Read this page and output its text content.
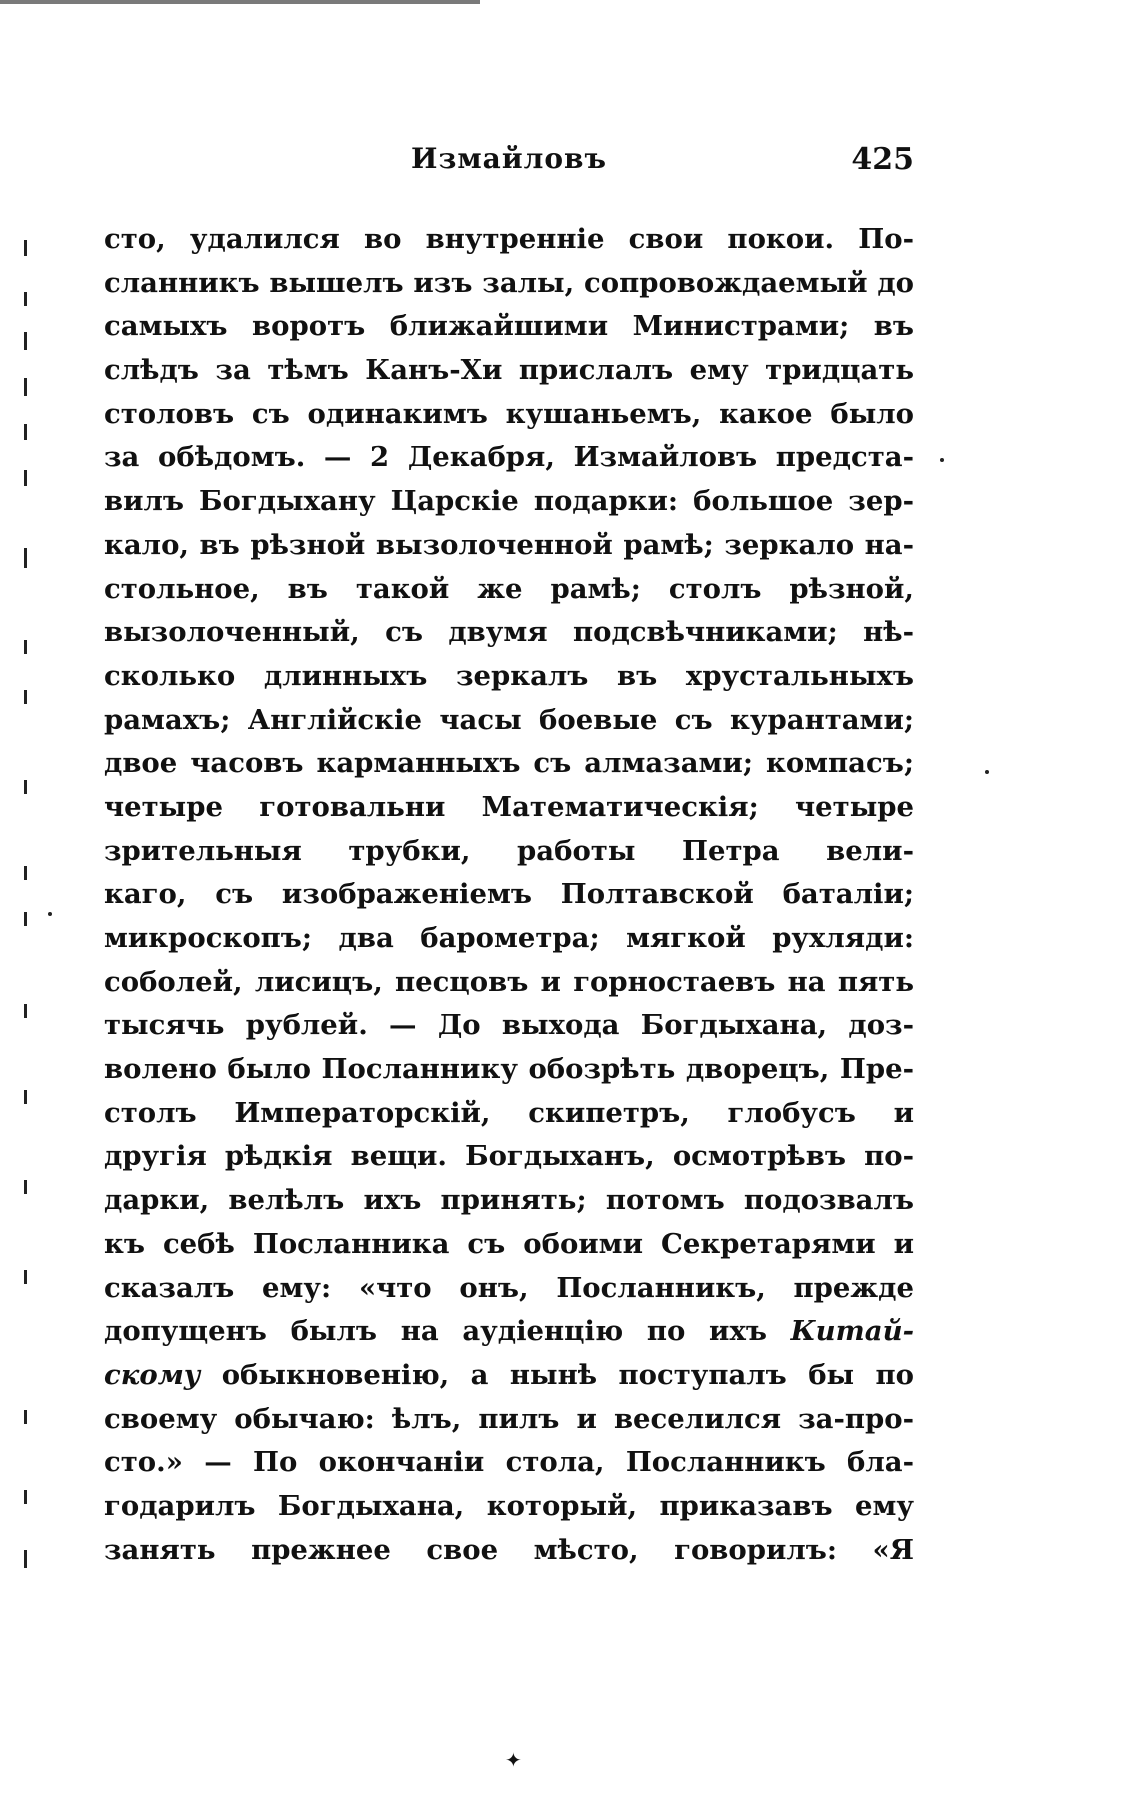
Измайловъ	425
сто, удалился во внутреннiе свои покои. По-
сланникъ вышелъ изъ залы, сопровождаемый до
самыхъ воротъ ближайшими Министрами; въ
слѣдъ за тѣмъ Канъ-Хи прислалъ ему тридцать
столовъ съ одинакимъ кушаньемъ, какое было
за обѣдомъ. — 2 Декабря, Измайловъ предста-
вилъ Богдыхану Царскiе подарки: большое зер-
кало, въ рѣзной вызолоченной рамѣ; зеркало на-
стольное, въ такой же рамѣ; столъ рѣзной,
вызолоченный, съ двумя подсвѣчниками; нѣ-
сколько длинныхъ зеркалъ въ хрустальныхъ
рамахъ; Англiйскiе часы боевые съ курантами;
двое часовъ карманныхъ съ алмазами; компасъ;
четыре готовальни Математическiя; четыре
зрительныя трубки, работы Петра вели-
каго, съ изображенiемъ Полтавской баталiи;
микроскопъ; два барометра; мягкой рухляди:
соболей, лисицъ, песцовъ и горностаевъ на пять
тысячь рублей. — До выхода Богдыхана, доз-
волено было Посланнику обозрѣть дворецъ, Пре-
столъ Императорскiй, скипетръ, глобусъ и
другiя рѣдкiя вещи. Богдыханъ, осмотрѣвъ по-
дарки, велѣлъ ихъ принять; потомъ подозвалъ
къ себѣ Посланника съ обоими Секретарями и
сказалъ ему: «что онъ, Посланникъ, прежде
допущенъ былъ на аудiенцiю по ихъ Китай-
скому обыкновенiю, а нынѣ поступалъ бы по
своему обычаю: ѣлъ, пилъ и веселился за-про-
сто.» — По окончанiи стола, Посланникъ бла-
годарилъ Богдыхана, который, приказавъ ему
занять прежнее свое мѣсто, говорилъ: «Я
✦
